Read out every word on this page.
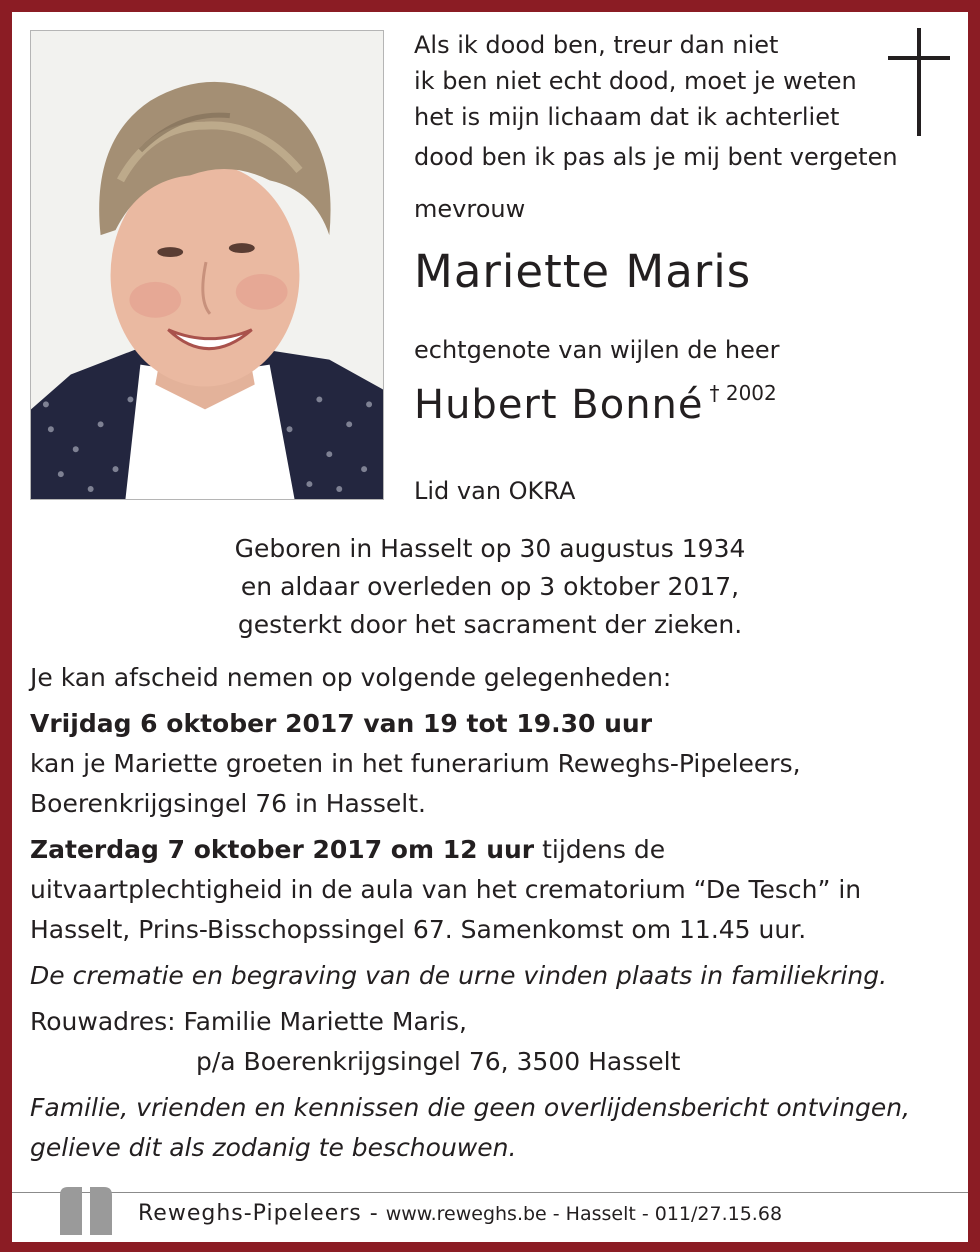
Als ik dood ben, treur dan niet
ik ben niet echt dood, moet je weten
het is mijn lichaam dat ik achterliet
dood ben ik pas als je mij bent vergeten
mevrouw
Mariette Maris
echtgenote van wijlen de heer
Hubert Bonné $^{\dagger 2002}$
Lid van OKRA
Geboren in Hasselt op 30 augustus 1934
en aldaar overleden op 3 oktober 2017,
gesterkt door het sacrament der zieken.

Je kan afscheid nemen op volgende gelegenheden:

Vrijdag 6 oktober 2017 van 19 tot 19.30 uur

kan je Mariette groeten in het funerarium Reweghs-Pipeleers,

Boerenkrijgsingel 76 in Hasselt.

Zaterdag 7 oktober 2017 om 12 uur tijdens de

uitvaartplechtigheid in de aula van het crematorium “De Tesch” in

Hasselt, Prins-Bisschopssingel 67. Samenkomst om 11.45 uur.

De crematie en begraving van de urne vinden plaats in familiekring.

Rouwadres: Familie Mariette Maris,

p/a Boerenkrijgsingel 76, 3500 Hasselt

Familie, vrienden en kennissen die geen overlijdensbericht ontvingen,

gelieve dit als zodanig te beschouwen.

Reweghs-Pipeleers - www.reweghs.be - Hasselt - 011/27.15.68
